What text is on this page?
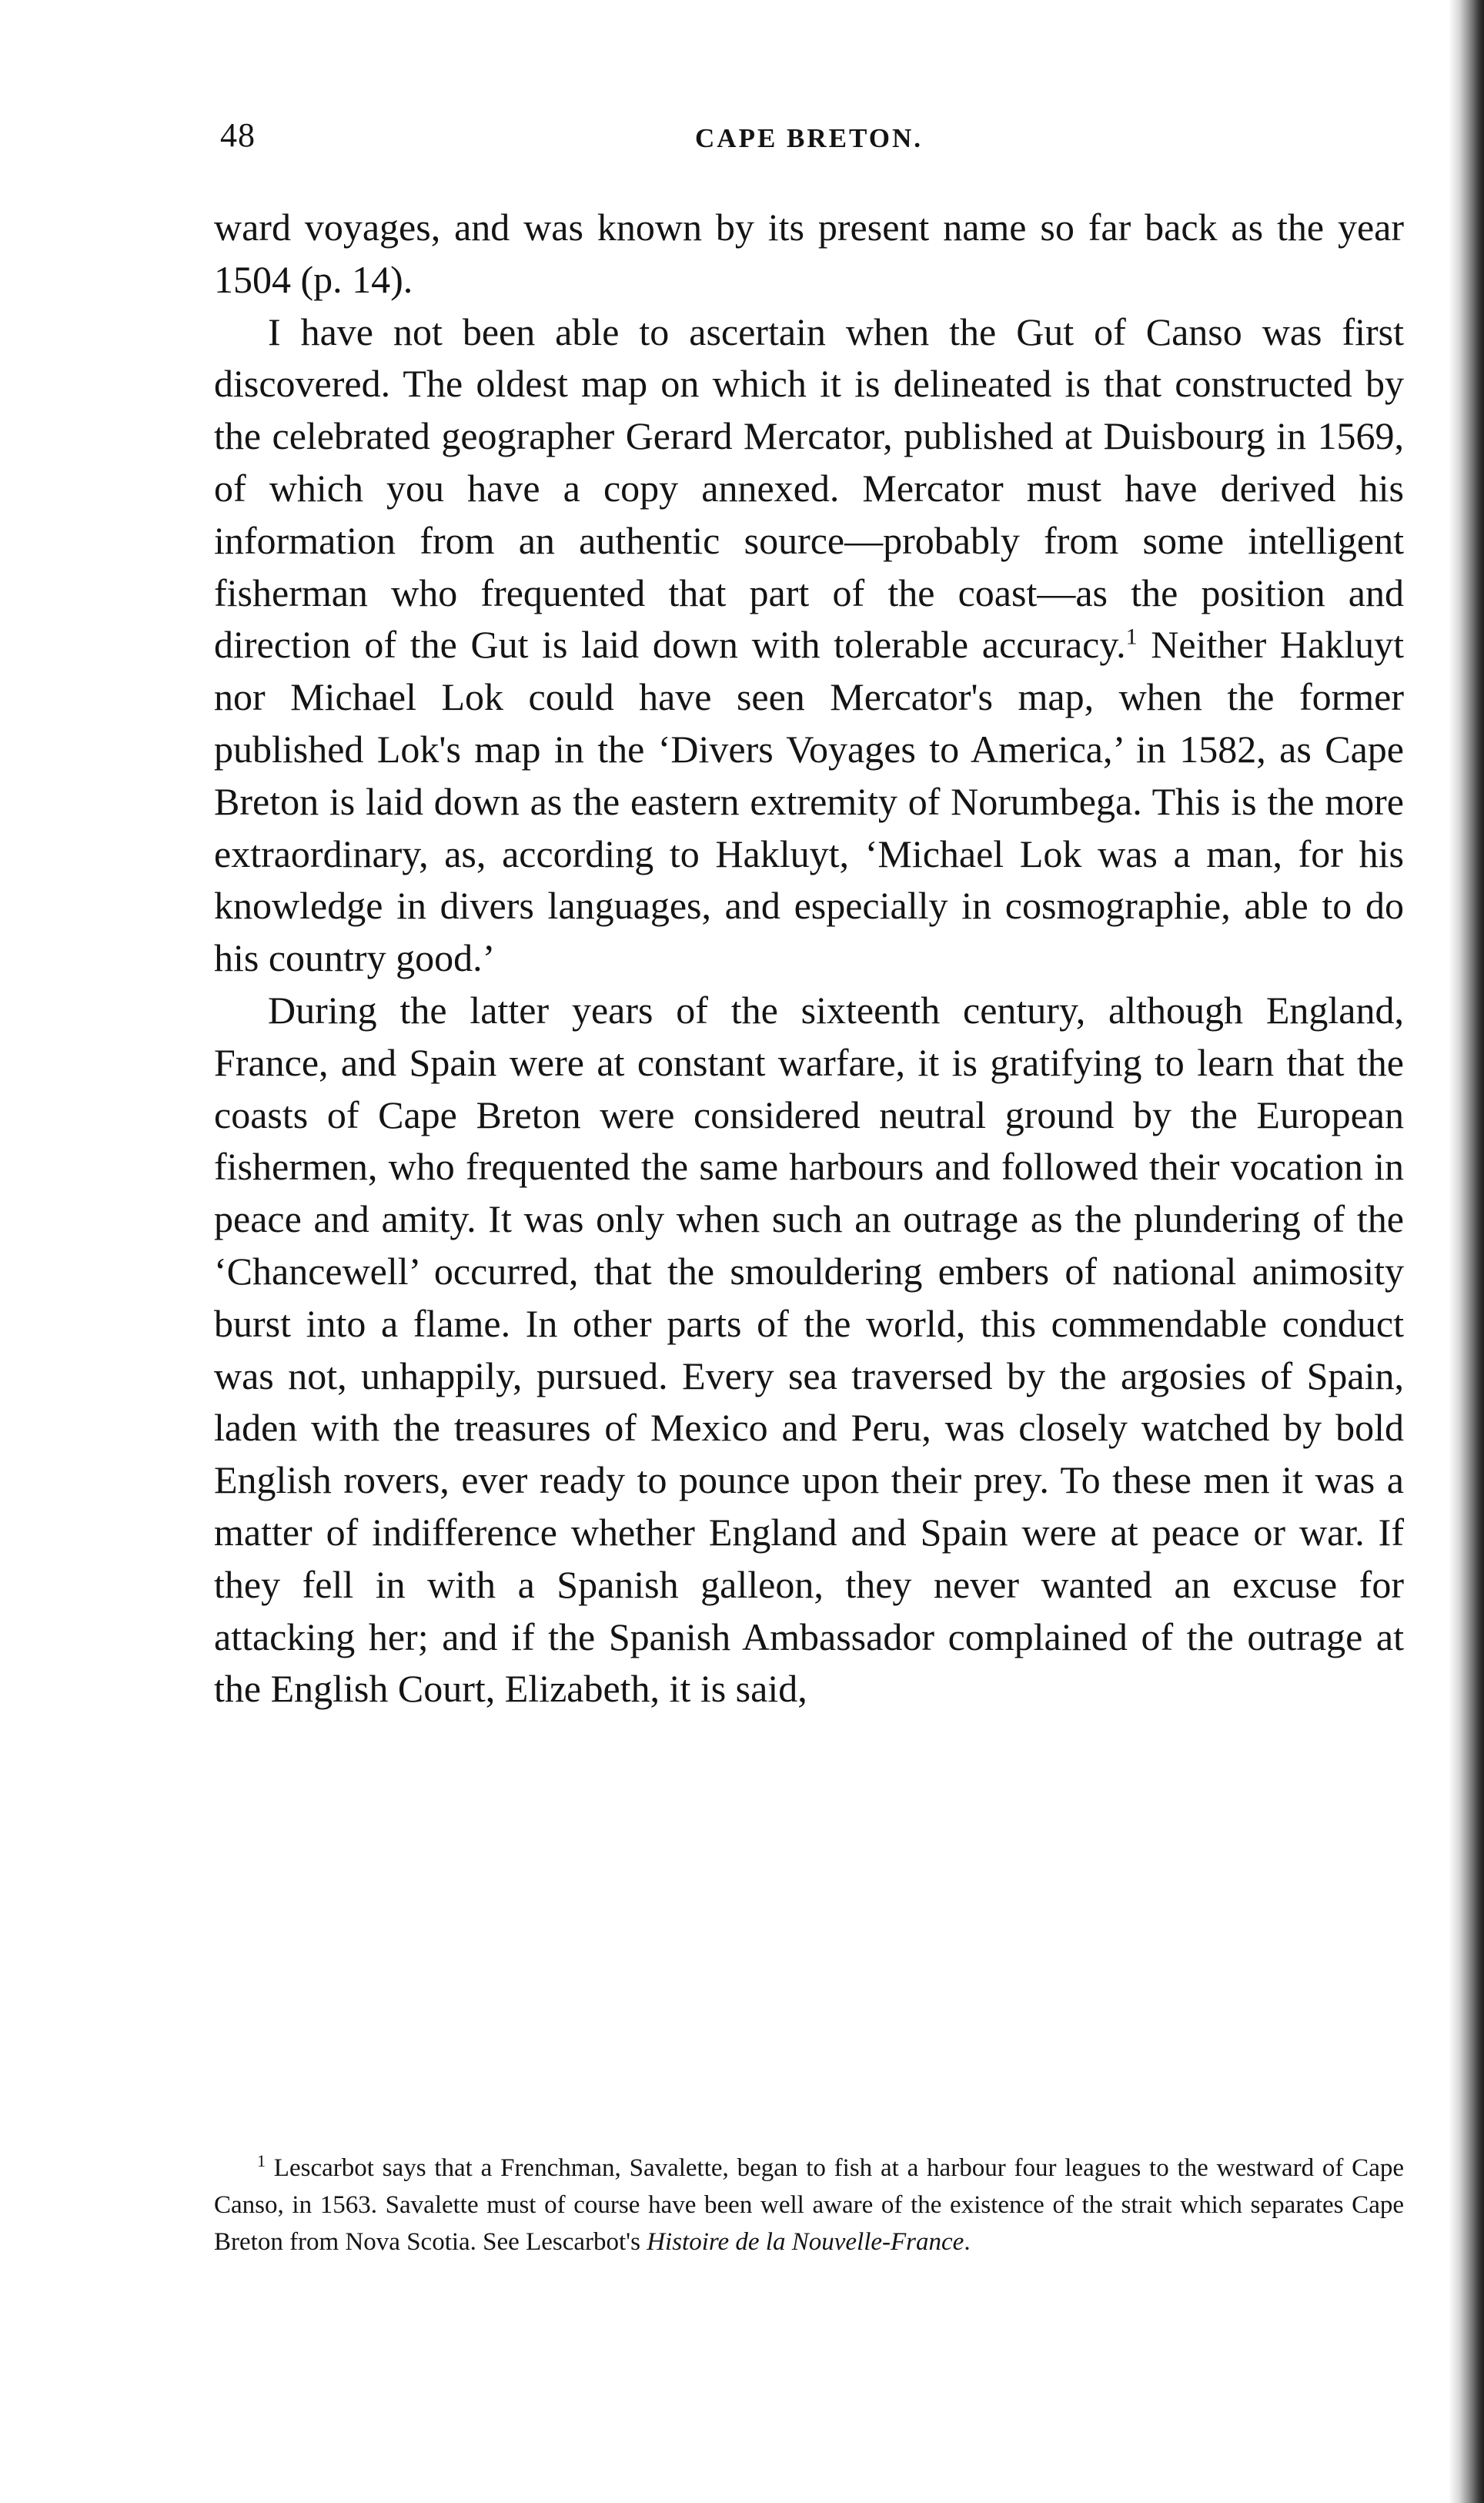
48	CAPE BRETON.

ward voyages, and was known by its present name so far back as the year 1504 (p. 14).

I have not been able to ascertain when the Gut of Canso was first discovered. The oldest map on which it is delineated is that constructed by the celebrated geographer Gerard Mercator, published at Duisbourg in 1569, of which you have a copy annexed. Mercator must have derived his information from an authentic source—probably from some intelligent fisherman who frequented that part of the coast—as the position and direction of the Gut is laid down with tolerable accuracy.$^1$ Neither Hakluyt nor Michael Lok could have seen Mercator's map, when the former published Lok's map in the ‘Divers Voyages to America,’ in 1582, as Cape Breton is laid down as the eastern extremity of Norumbega. This is the more extraordinary, as, according to Hakluyt, ‘Michael Lok was a man, for his knowledge in divers languages, and especially in cosmographie, able to do his country good.’

During the latter years of the sixteenth century, although England, France, and Spain were at constant warfare, it is gratifying to learn that the coasts of Cape Breton were considered neutral ground by the European fishermen, who frequented the same harbours and followed their vocation in peace and amity. It was only when such an outrage as the plundering of the ‘Chancewell’ occurred, that the smouldering embers of national animosity burst into a flame. In other parts of the world, this commendable conduct was not, unhappily, pursued. Every sea traversed by the argosies of Spain, laden with the treasures of Mexico and Peru, was closely watched by bold English rovers, ever ready to pounce upon their prey. To these men it was a matter of indifference whether England and Spain were at peace or war. If they fell in with a Spanish galleon, they never wanted an excuse for attacking her; and if the Spanish Ambassador complained of the outrage at the English Court, Elizabeth, it is said,

$^1$ Lescarbot says that a Frenchman, Savalette, began to fish at a harbour four leagues to the westward of Cape Canso, in 1563. Savalette must of course have been well aware of the existence of the strait which separates Cape Breton from Nova Scotia. See Lescarbot's Histoire de la Nouvelle-France.
